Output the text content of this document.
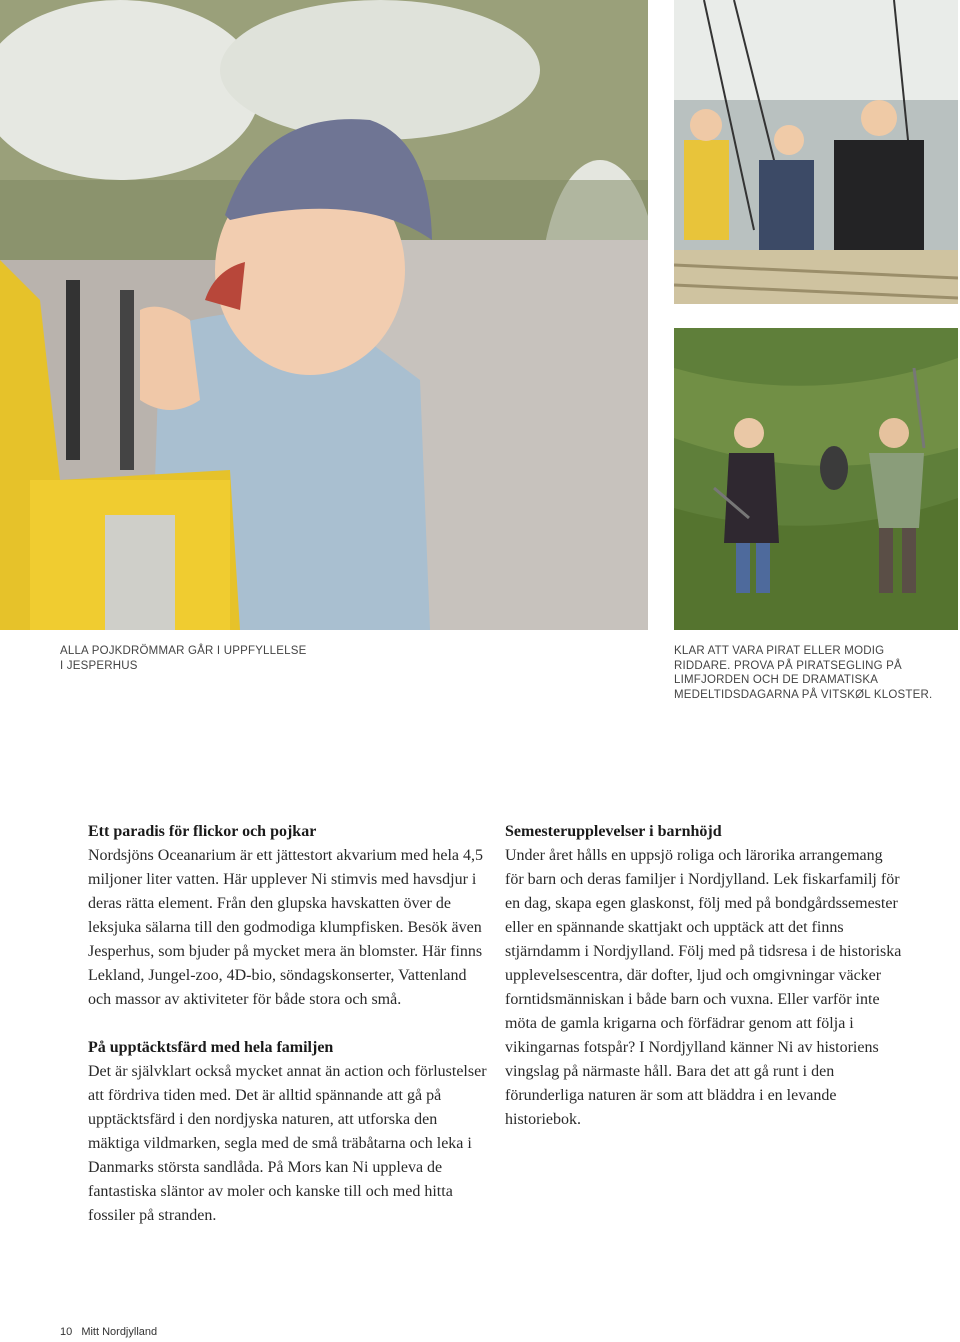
ALLA POJKDRÖMMAR GÅR I UPPFYLLELSE I JESPERHUS
KLAR ATT VARA PIRAT ELLER MODIG RIDDARE. PROVA PÅ PIRATSEGLING PÅ LIMFJORDEN OCH DE DRAMATISKA MEDELTIDSDAGARNA PÅ VITSKØL KLOSTER.
Ett paradis för flickor och pojkar

Nordsjöns Oceanarium är ett jättestort akvarium med hela 4,5 miljoner liter vatten. Här upplever Ni stimvis med havsdjur i deras rätta element. Från den glupska havskatten över de leksjuka sälarna till den godmodiga klumpfisken. Besök även Jesperhus, som bjuder på mycket mera än blomster. Här finns Lekland, Jungel-zoo, 4D-bio, söndagskonserter, Vattenland och massor av aktiviteter för både stora och små.

På upptäcktsfärd med hela familjen

Det är självklart också mycket annat än action och förlustelser att fördriva tiden med. Det är alltid spännande att gå på upptäcktsfärd i den nordjyska naturen, att utforska den mäktiga vildmarken, segla med de små träbåtarna och leka i Danmarks största sandlåda. På Mors kan Ni uppleva de fantastiska släntor av moler och kanske till och med hitta fossiler på stranden.

Semesterupplevelser i barnhöjd

Under året hålls en uppsjö roliga och lärorika arrangemang för barn och deras familjer i Nordjylland. Lek fiskarfamilj för en dag, skapa egen glaskonst, följ med på bondgårdssemester eller en spännande skattjakt och upptäck att det finns stjärndamm i Nordjylland. Följ med på tidsresa i de historiska upplevelsescentra, där dofter, ljud och omgivningar väcker forntidsmänniskan i både barn och vuxna. Eller varför inte möta de gamla krigarna och förfädrar genom att följa i vikingarnas fotspår? I Nordjylland känner Ni av historiens vingslag på närmaste håll. Bara det att gå runt i den förunderliga naturen är som att bläddra i en levande historiebok.

10 Mitt Nordjylland
